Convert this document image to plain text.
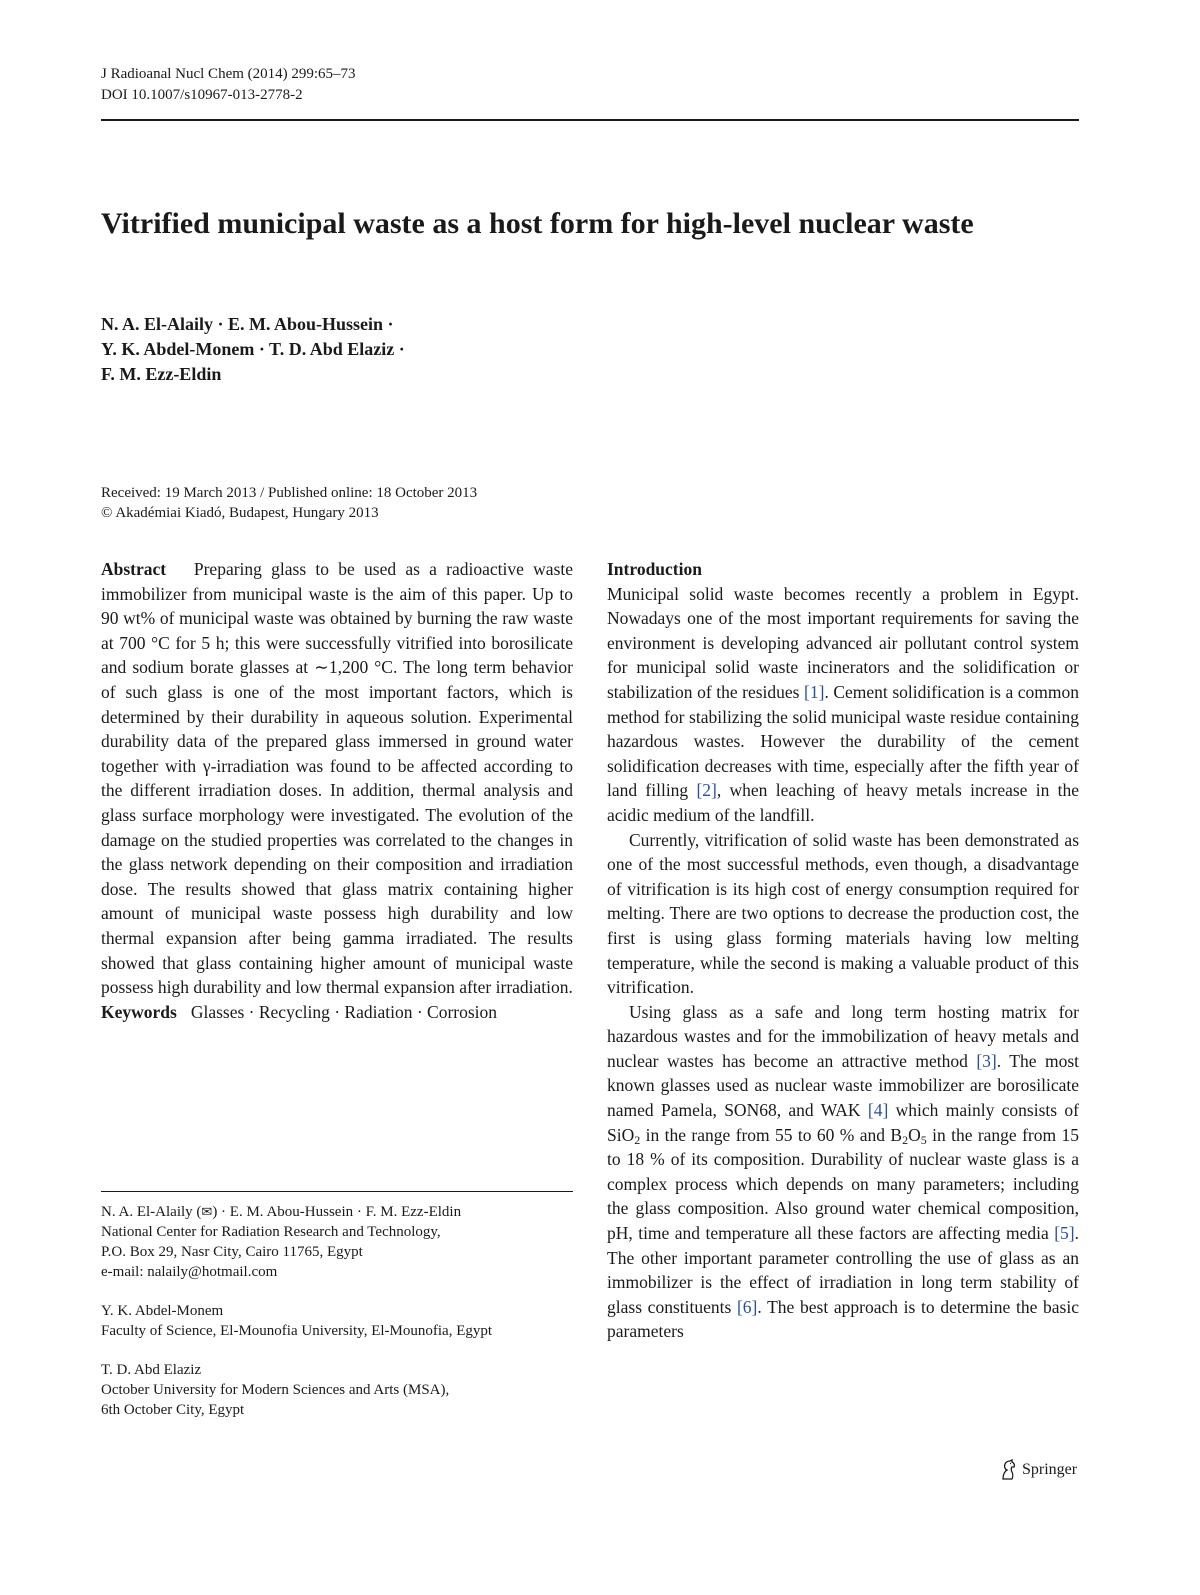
J Radioanal Nucl Chem (2014) 299:65–73
DOI 10.1007/s10967-013-2778-2
Vitrified municipal waste as a host form for high-level nuclear waste
N. A. El-Alaily · E. M. Abou-Hussein ·
Y. K. Abdel-Monem · T. D. Abd Elaziz ·
F. M. Ezz-Eldin
Received: 19 March 2013 / Published online: 18 October 2013
© Akadémiai Kiadó, Budapest, Hungary 2013

Abstract Preparing glass to be used as a radioactive waste immobilizer from municipal waste is the aim of this paper. Up to 90 wt% of municipal waste was obtained by burning the raw waste at 700 °C for 5 h; this were successfully vitrified into borosilicate and sodium borate glasses at ∼1,200 °C. The long term behavior of such glass is one of the most important factors, which is determined by their durability in aqueous solution. Experimental durability data of the prepared glass immersed in ground water together with γ-irradiation was found to be affected according to the different irradiation doses. In addition, thermal analysis and glass surface morphology were investigated. The evolution of the damage on the studied properties was correlated to the changes in the glass network depending on their composition and irradiation dose. The results showed that glass matrix containing higher amount of municipal waste possess high durability and low thermal expansion after being gamma irradiated. The results showed that glass containing higher amount of municipal waste possess high durability and low thermal expansion after irradiation.

Keywords Glasses · Recycling · Radiation · Corrosion

N. A. El-Alaily (✉) · E. M. Abou-Hussein · F. M. Ezz-Eldin
National Center for Radiation Research and Technology,
P.O. Box 29, Nasr City, Cairo 11765, Egypt
e-mail: nalaily@hotmail.com
Y. K. Abdel-Monem
Faculty of Science, El-Mounofia University, El-Mounofia, Egypt
T. D. Abd Elaziz
October University for Modern Sciences and Arts (MSA),
6th October City, Egypt

Introduction

Municipal solid waste becomes recently a problem in Egypt. Nowadays one of the most important requirements for saving the environment is developing advanced air pollutant control system for municipal solid waste incinerators and the solidification or stabilization of the residues [1]. Cement solidification is a common method for stabilizing the solid municipal waste residue containing hazardous wastes. However the durability of the cement solidification decreases with time, especially after the fifth year of land filling [2], when leaching of heavy metals increase in the acidic medium of the landfill.

Currently, vitrification of solid waste has been demonstrated as one of the most successful methods, even though, a disadvantage of vitrification is its high cost of energy consumption required for melting. There are two options to decrease the production cost, the first is using glass forming materials having low melting temperature, while the second is making a valuable product of this vitrification.

Using glass as a safe and long term hosting matrix for hazardous wastes and for the immobilization of heavy metals and nuclear wastes has become an attractive method [3]. The most known glasses used as nuclear waste immobilizer are borosilicate named Pamela, SON68, and WAK [4] which mainly consists of SiO$_2$ in the range from 55 to 60 % and $B_2O_5$ in the range from 15 to 18 % of its composition. Durability of nuclear waste glass is a complex process which depends on many parameters; including the glass composition. Also ground water chemical composition, pH, time and temperature all these factors are affecting media [5]. The other important parameter controlling the use of glass as an immobilizer is the effect of irradiation in long term stability of glass constituents [6]. The best approach is to determine the basic parameters

Springer
